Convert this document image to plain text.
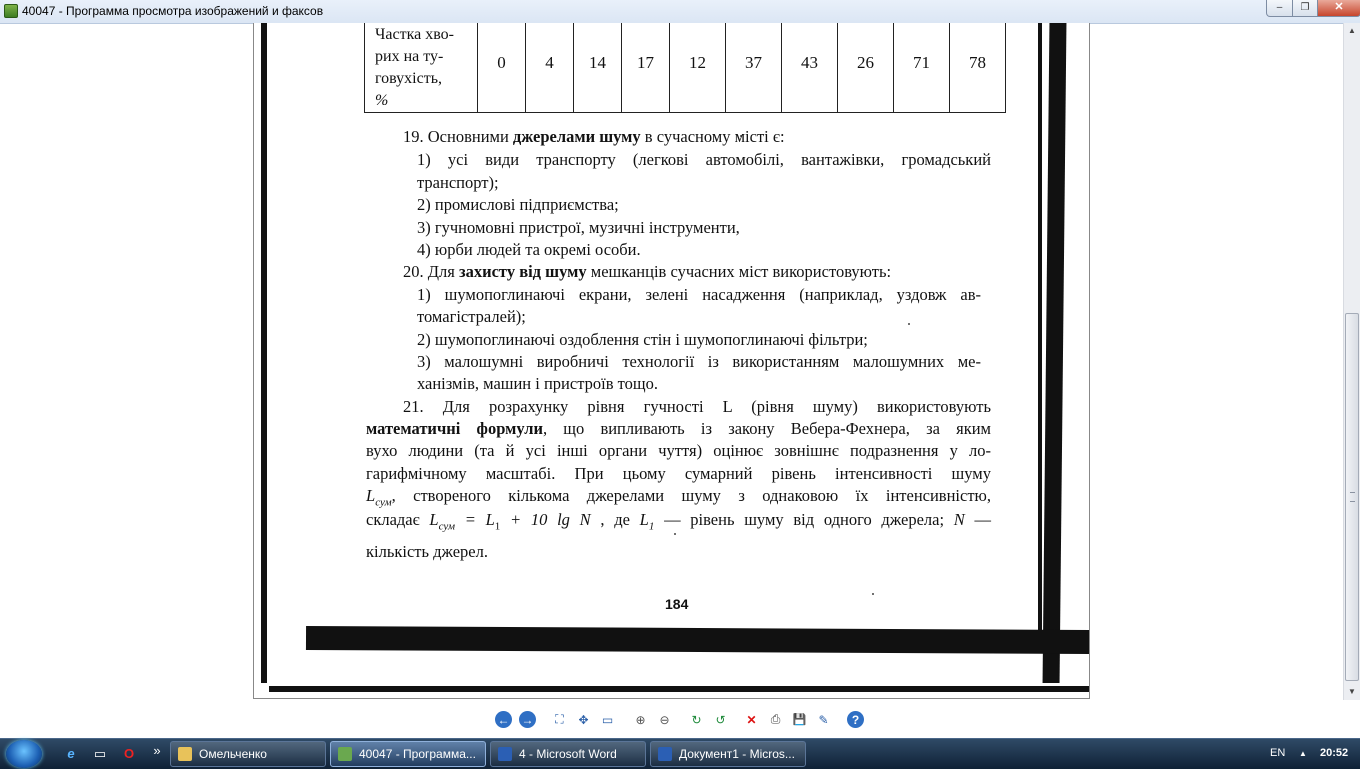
40047 - Программа просмотра изображений и факсов	–	❐	✕
Частка хво-
рих на ту-
говухість,
%
	0	4	14	17	12	37	43	26	71	78
19. Основними джерелами шуму в сучасному місті є:
1) усі види транспорту (легкові автомобілі, вантажівки, громадський
транспорт);
2) промислові підприємства;
3) гучномовні пристрої, музичні інструменти,
4) юрби людей та окремі особи.
20. Для захисту від шуму мешканців сучасних міст використовують:
1) шумопоглинаючі екрани, зелені насадження (наприклад, уздовж ав-
томагістралей);
2) шумопоглинаючі оздоблення стін і шумопоглинаючі фільтри;
3) малошумні виробничі технології із використанням малошумних ме-
ханізмів, машин і пристроїв тощо.
21. Для розрахунку рівня гучності L (рівня шуму) використовують
математичні формули, що випливають із закону Вебера-Фехнера, за яким
вухо людини (та й усі інші органи чуття) оцінює зовнішнє подразнення у ло-
гарифмічному масштабі. При цьому сумарний рівень інтенсивності шуму
$L_{сум}$, створеного кількома джерелами шуму з однаковою їх інтенсивністю,
складає $L_{сум} = L_1 + 10$ lg N , де $L_1$ — рівень шуму від одного джерела; N —
кількість джерел.
184
▲
▼
← →	⛶	✥ ▭ ⊕ ⊖ ↻ ↺ ✕	⎙	💾 ✎	?
e	▭	O	»	Омельченко	40047 - Программа...	4 - Microsoft Word	Документ1 - Micros...	EN ▲ 20:52
